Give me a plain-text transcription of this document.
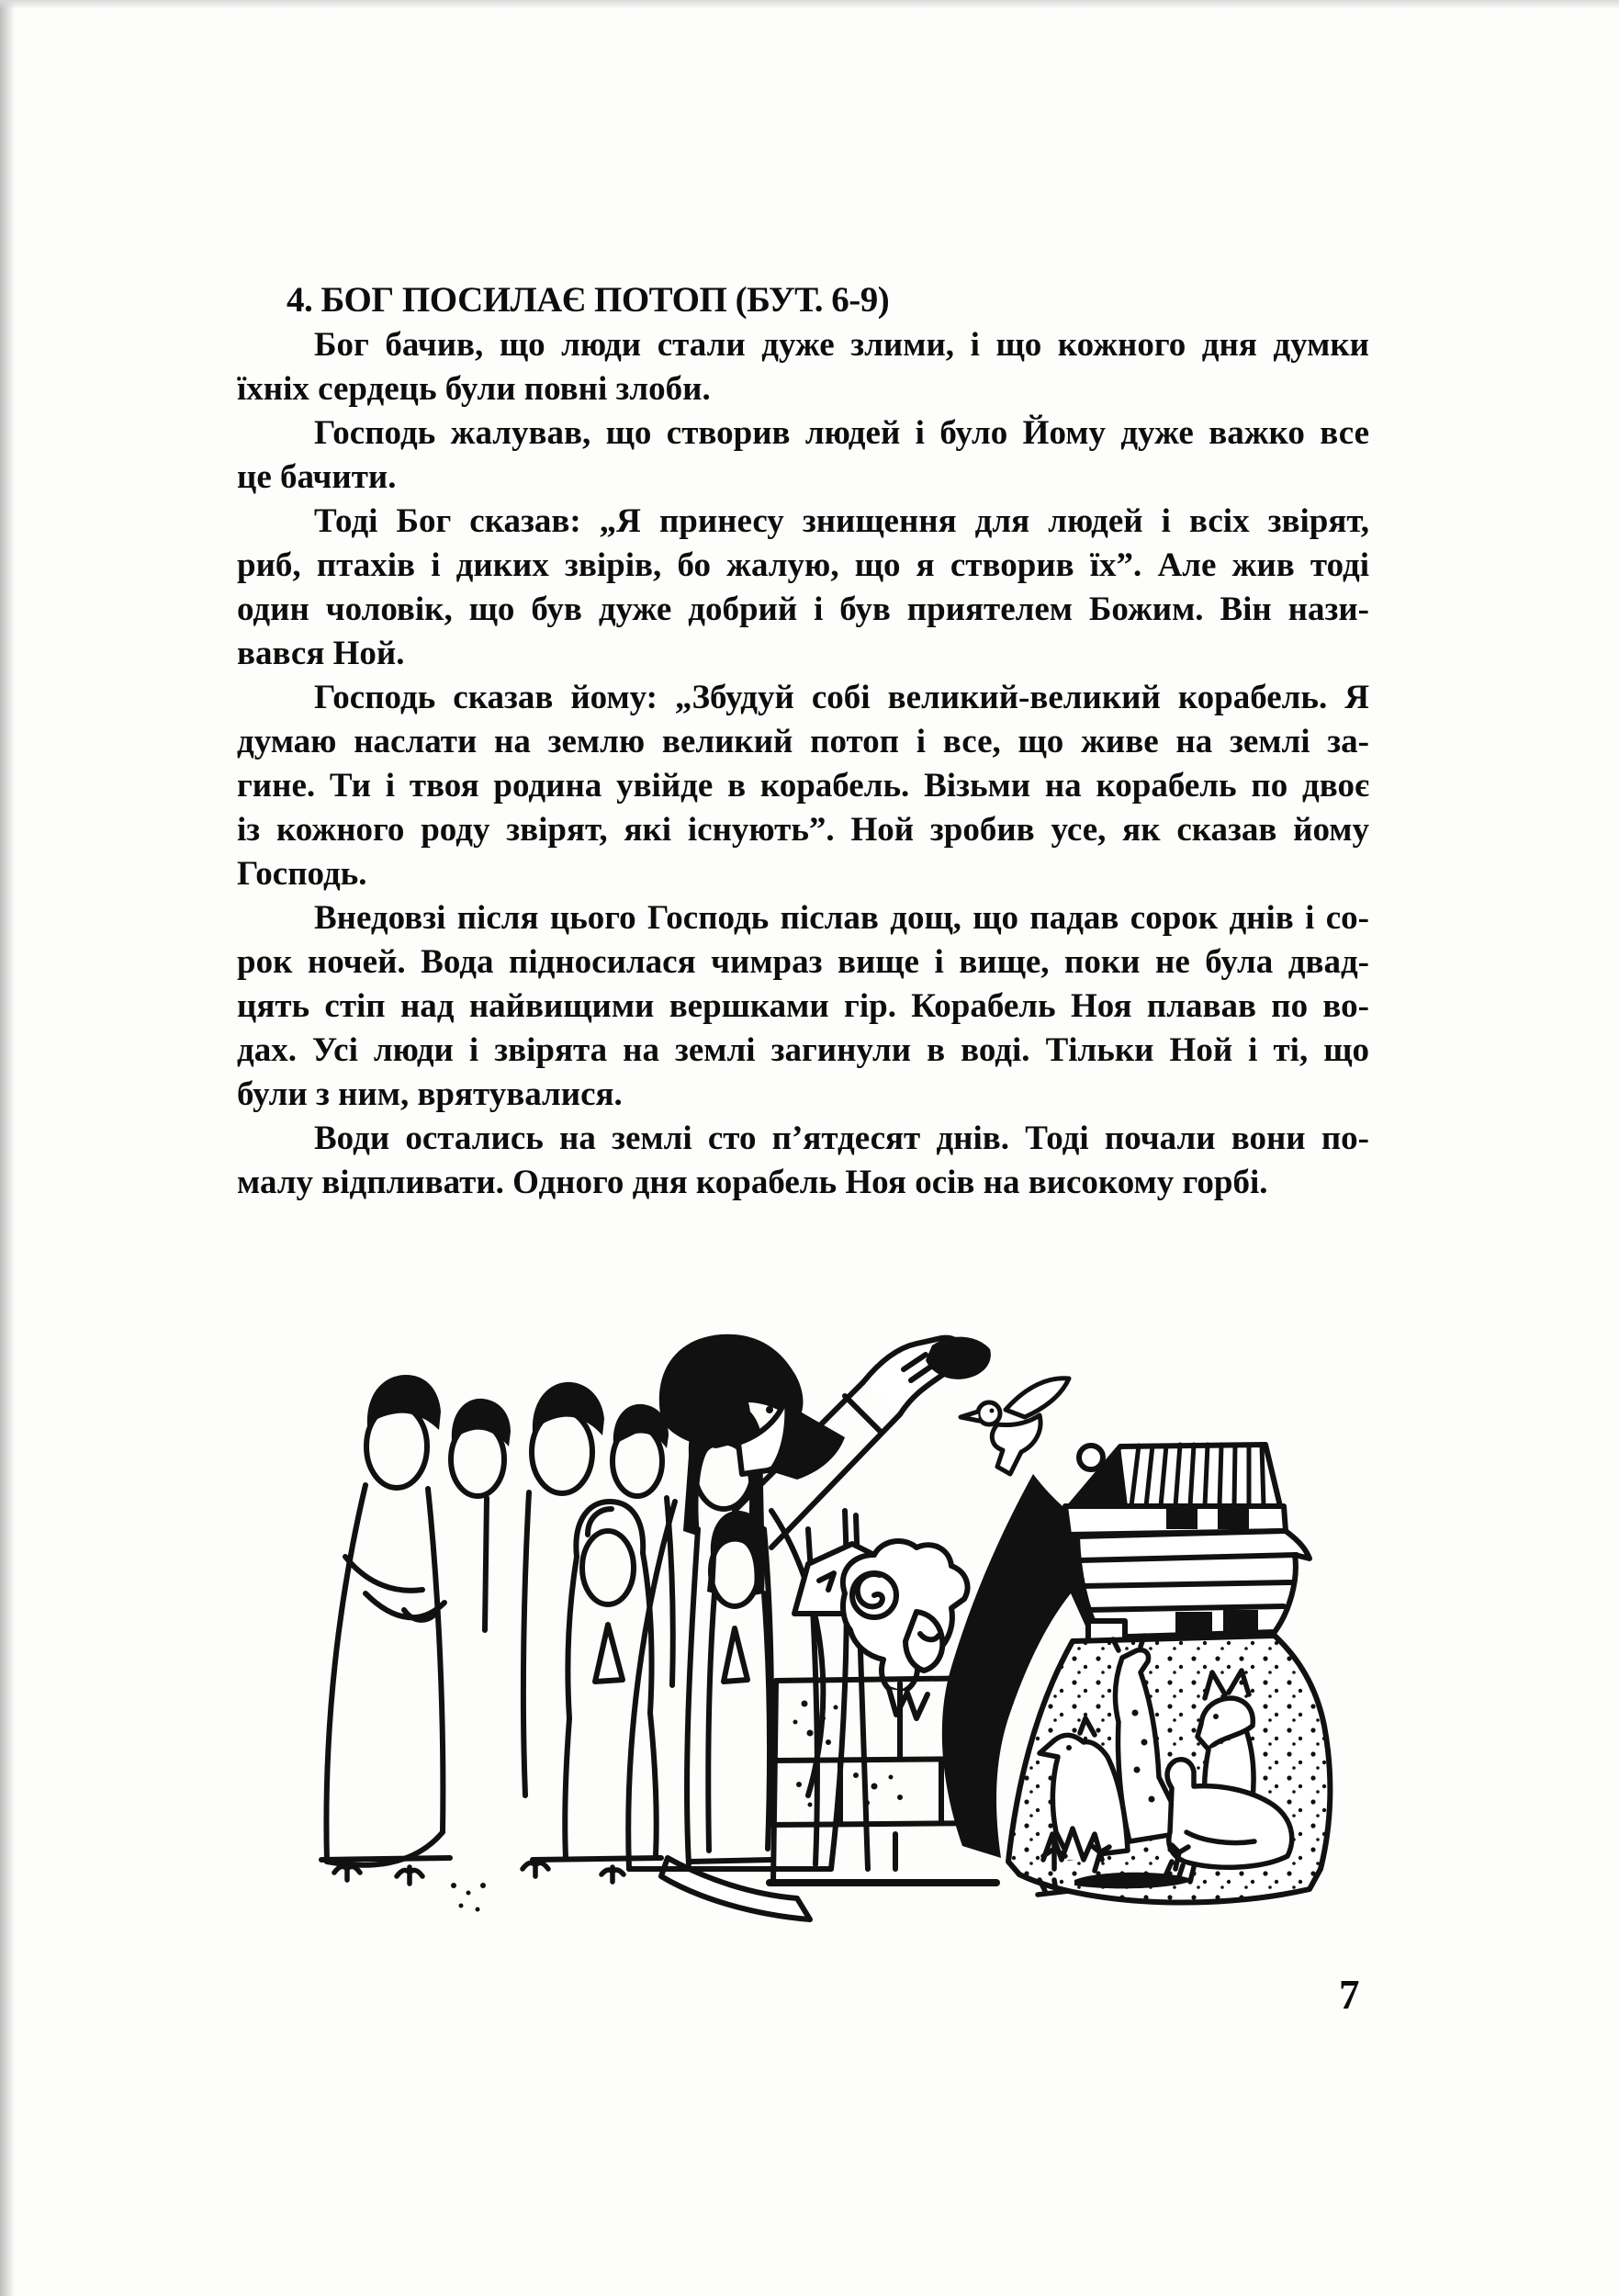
4. БОГ ПОСИЛАЄ ПОТОП (БУТ. 6-9)

Бог бачив, що люди стали дуже злими, і що кожного дня думки
їхніх сердець були повні злоби.

Господь жалував, що створив людей і було Йому дуже важко все
це бачити.

Тоді Бог сказав: „Я принесу знищення для людей і всіх звірят,
риб, птахів і диких звірів, бо жалую, що я створив їх”. Але жив тоді
один чоловік, що був дуже добрий і був приятелем Божим. Він нази-
вався Ной.

Господь сказав йому: „Збудуй собі великий-великий корабель. Я
думаю наслати на землю великий потоп і все, що живе на землі за-
гине. Ти і твоя родина увійде в корабель. Візьми на корабель по двоє
із кожного роду звірят, які існують”. Ной зробив усе, як сказав йому
Господь.

Внедовзі після цього Господь післав дощ, що падав сорок днів і со-
рок ночей. Вода підносилася чимраз вище і вище, поки не була двад-
цять стіп над найвищими вершками гір. Корабель Ноя плавав по во-
дах. Усі люди і звірята на землі загинули в воді. Тільки Ной і ті, що
були з ним, врятувалися.

Води остались на землі сто п’ятдесят днів. Тоді почали вони по-
малу відпливати. Одного дня корабель Ноя осів на високому горбі.

7
